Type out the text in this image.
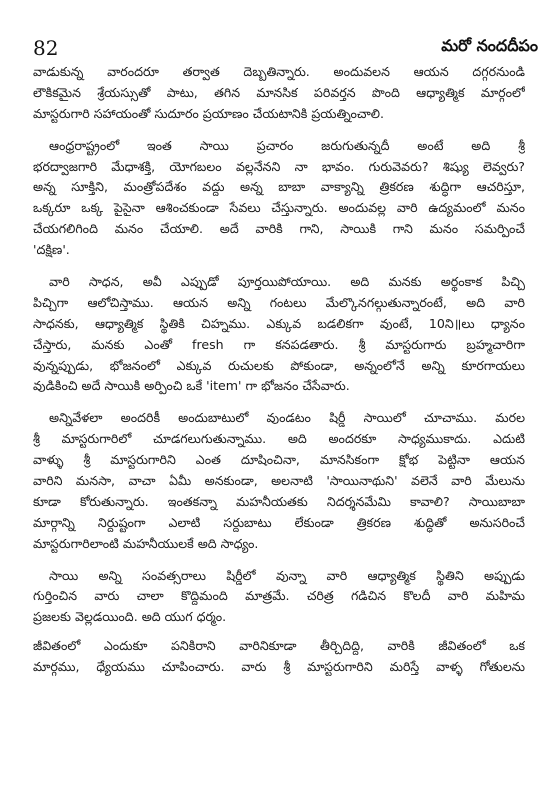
82	మరో నందదీపం
వాడుకున్న వారందరూ తర్వాత దెబ్బతిన్నారు. అందువలన ఆయన దగ్గరనుండి
లౌకికమైన శ్రేయస్సుతో పాటు, తగిన మానసిక పరివర్తన పొంది ఆధ్యాత్మిక మార్గంలో
మాస్టరుగారి సహాయంతో సుదూరం ప్రయాణం చేయటానికి ప్రయత్నించాలి.
ఆంధ్రరాష్ట్రంలో ఇంత సాయి ప్రచారం జరుగుతున్నదీ అంటే అది శ్రీ
భరద్వాజగారి మేధాశక్తి, యోగబలం వల్లనేనని నా భావం. గురువెవరు? శిష్యు లెవ్వరు?
అన్న సూక్తిని, మంత్రోపదేశం వద్దు అన్న బాబా వాక్యాన్ని త్రికరణ శుద్ధిగా ఆచరిస్తూ,
ఒక్కరూ ఒక్క పైసైనా ఆశించకుండా సేవలు చేస్తున్నారు. అందువల్ల వారి ఉద్యమంలో మనం
చేయగలిగింది మనం చేయాలి. అదే వారికి గాని, సాయికి గాని మనం సమర్పించే
'దక్షిణ'.
వారి సాధన, అవీ ఎప్పుడో పూర్తయిపోయాయి. అది మనకు అర్థంకాక పిచ్చి
పిచ్చిగా ఆలోచిస్తాము. ఆయన అన్ని గంటలు మేల్కొనగల్గుతున్నారంటే, అది వారి
సాధనకు, ఆధ్యాత్మిక స్థితికి చిహ్నము. ఎక్కువ బడలికగా వుంటే, 10ని॥లు ధ్యానం
చేస్తారు, మనకు ఎంతో fresh గా కనపడతారు. శ్రీ మాస్టరుగారు బ్రహ్మచారిగా
వున్నప్పుడు, భోజనంలో ఎక్కువ రుచులకు పోకుండా, అన్నంలోనే అన్ని కూరగాయలు
వుడికించి అదే సాయికి అర్పించి ఒకే 'item' గా భోజనం చేసేవారు.
అన్నివేళలా అందరికీ అందుబాటులో వుండటం షిర్డీ సాయిలో చూచాము. మరల
శ్రీ మాస్టరుగారిలో చూడగలుగుతున్నాము. అది అందరకూ సాధ్యముకాదు. ఎదుటి
వాళ్ళు శ్రీ మాస్టరుగారిని ఎంత దూషించినా, మానసికంగా క్షోభ పెట్టినా ఆయన
వారిని మనసా, వాచా ఏమీ అనకుండా, అలనాటి 'సాయినాథుని' వలెనే వారి మేలును
కూడా కోరుతున్నారు. ఇంతకన్నా మహనీయతకు నిదర్శనమేమి కావాలి? సాయిబాబా
మార్గాన్ని నిర్దుష్టంగా ఎలాటి సర్దుబాటు లేకుండా త్రికరణ శుద్ధితో అనుసరించే
మాస్టరుగారిలాంటి మహనీయులకే అది సాధ్యం.
సాయి అన్ని సంవత్సరాలు షిర్డీలో వున్నా వారి ఆధ్యాత్మిక స్థితిని అప్పుడు
గుర్తించిన వారు చాలా కొద్దిమంది మాత్రమే. చరిత్ర గడిచిన కొలదీ వారి మహిమ
ప్రజలకు వెల్లడయింది. అది యుగ ధర్మం.
జీవితంలో ఎందుకూ పనికిరాని వారినికూడా తీర్చిదిద్ది, వారికి జీవితంలో ఒక
మార్గము, ధ్యేయము చూపించారు. వారు శ్రీ మాస్టరుగారిని మరిస్తే వాళ్ళ గోతులను
